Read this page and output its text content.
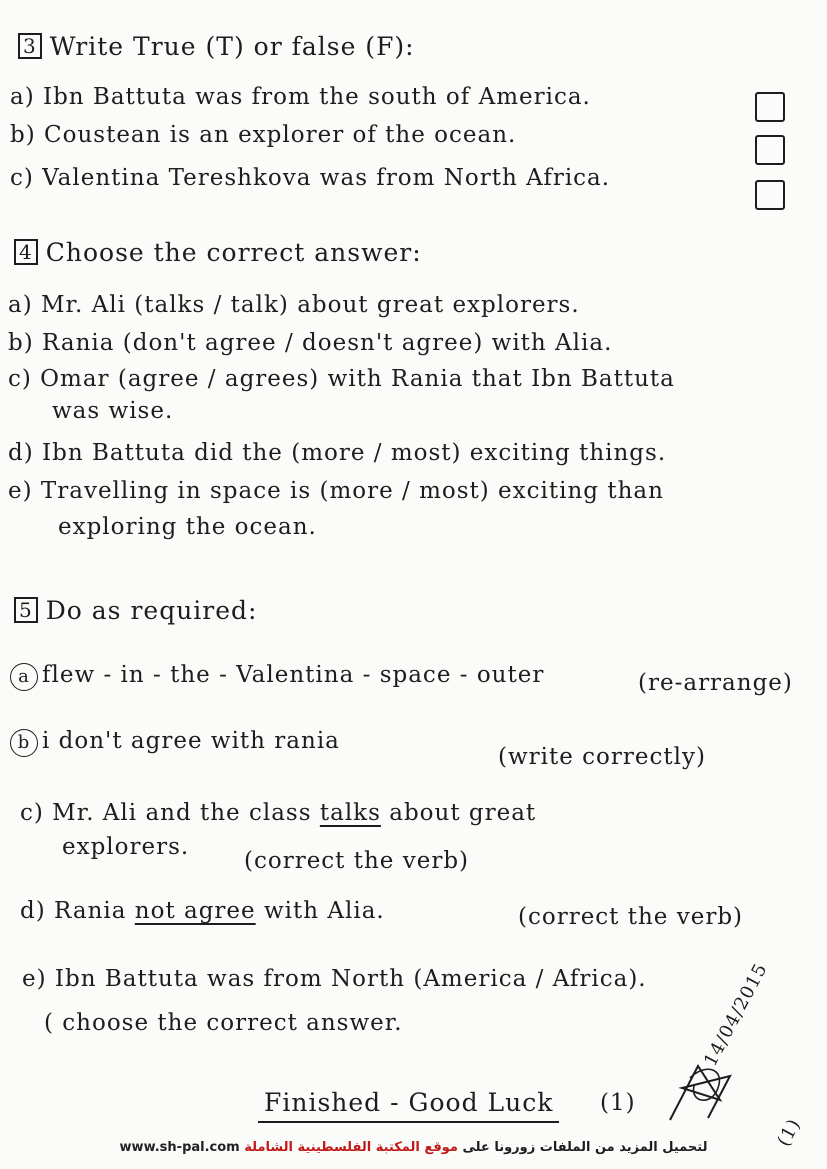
3 Write True (T) or false (F):
a) Ibn Battuta was from the south of America.
b) Coustean is an explorer of the ocean.
c) Valentina Tereshkova was from North Africa.
4 Choose the correct answer:
a) Mr. Ali (talks / talk) about great explorers.
b) Rania (don't agree / doesn't agree) with Alia.
c) Omar (agree / agrees) with Rania that Ibn Battuta
was wise.
d) Ibn Battuta did the (more / most) exciting things.
e) Travelling in space is (more / most) exciting than
exploring the ocean.
5 Do as required:
a flew - in - the - Valentina - space - outer	(re-arrange)
b i don't agree with rania
(write correctly)
c) Mr. Ali and the class talks about great
explorers.
(correct the verb)
d) Rania not agree with Alia.	(correct the verb)
e) Ibn Battuta was from North (America / Africa).
( choose the correct answer.
Finished - Good Luck (1)
14/04/2015
(1)
لتحميل المزيد من الملفات زورونا على موقع المكتبة الفلسطينية الشاملة www.sh-pal.com
